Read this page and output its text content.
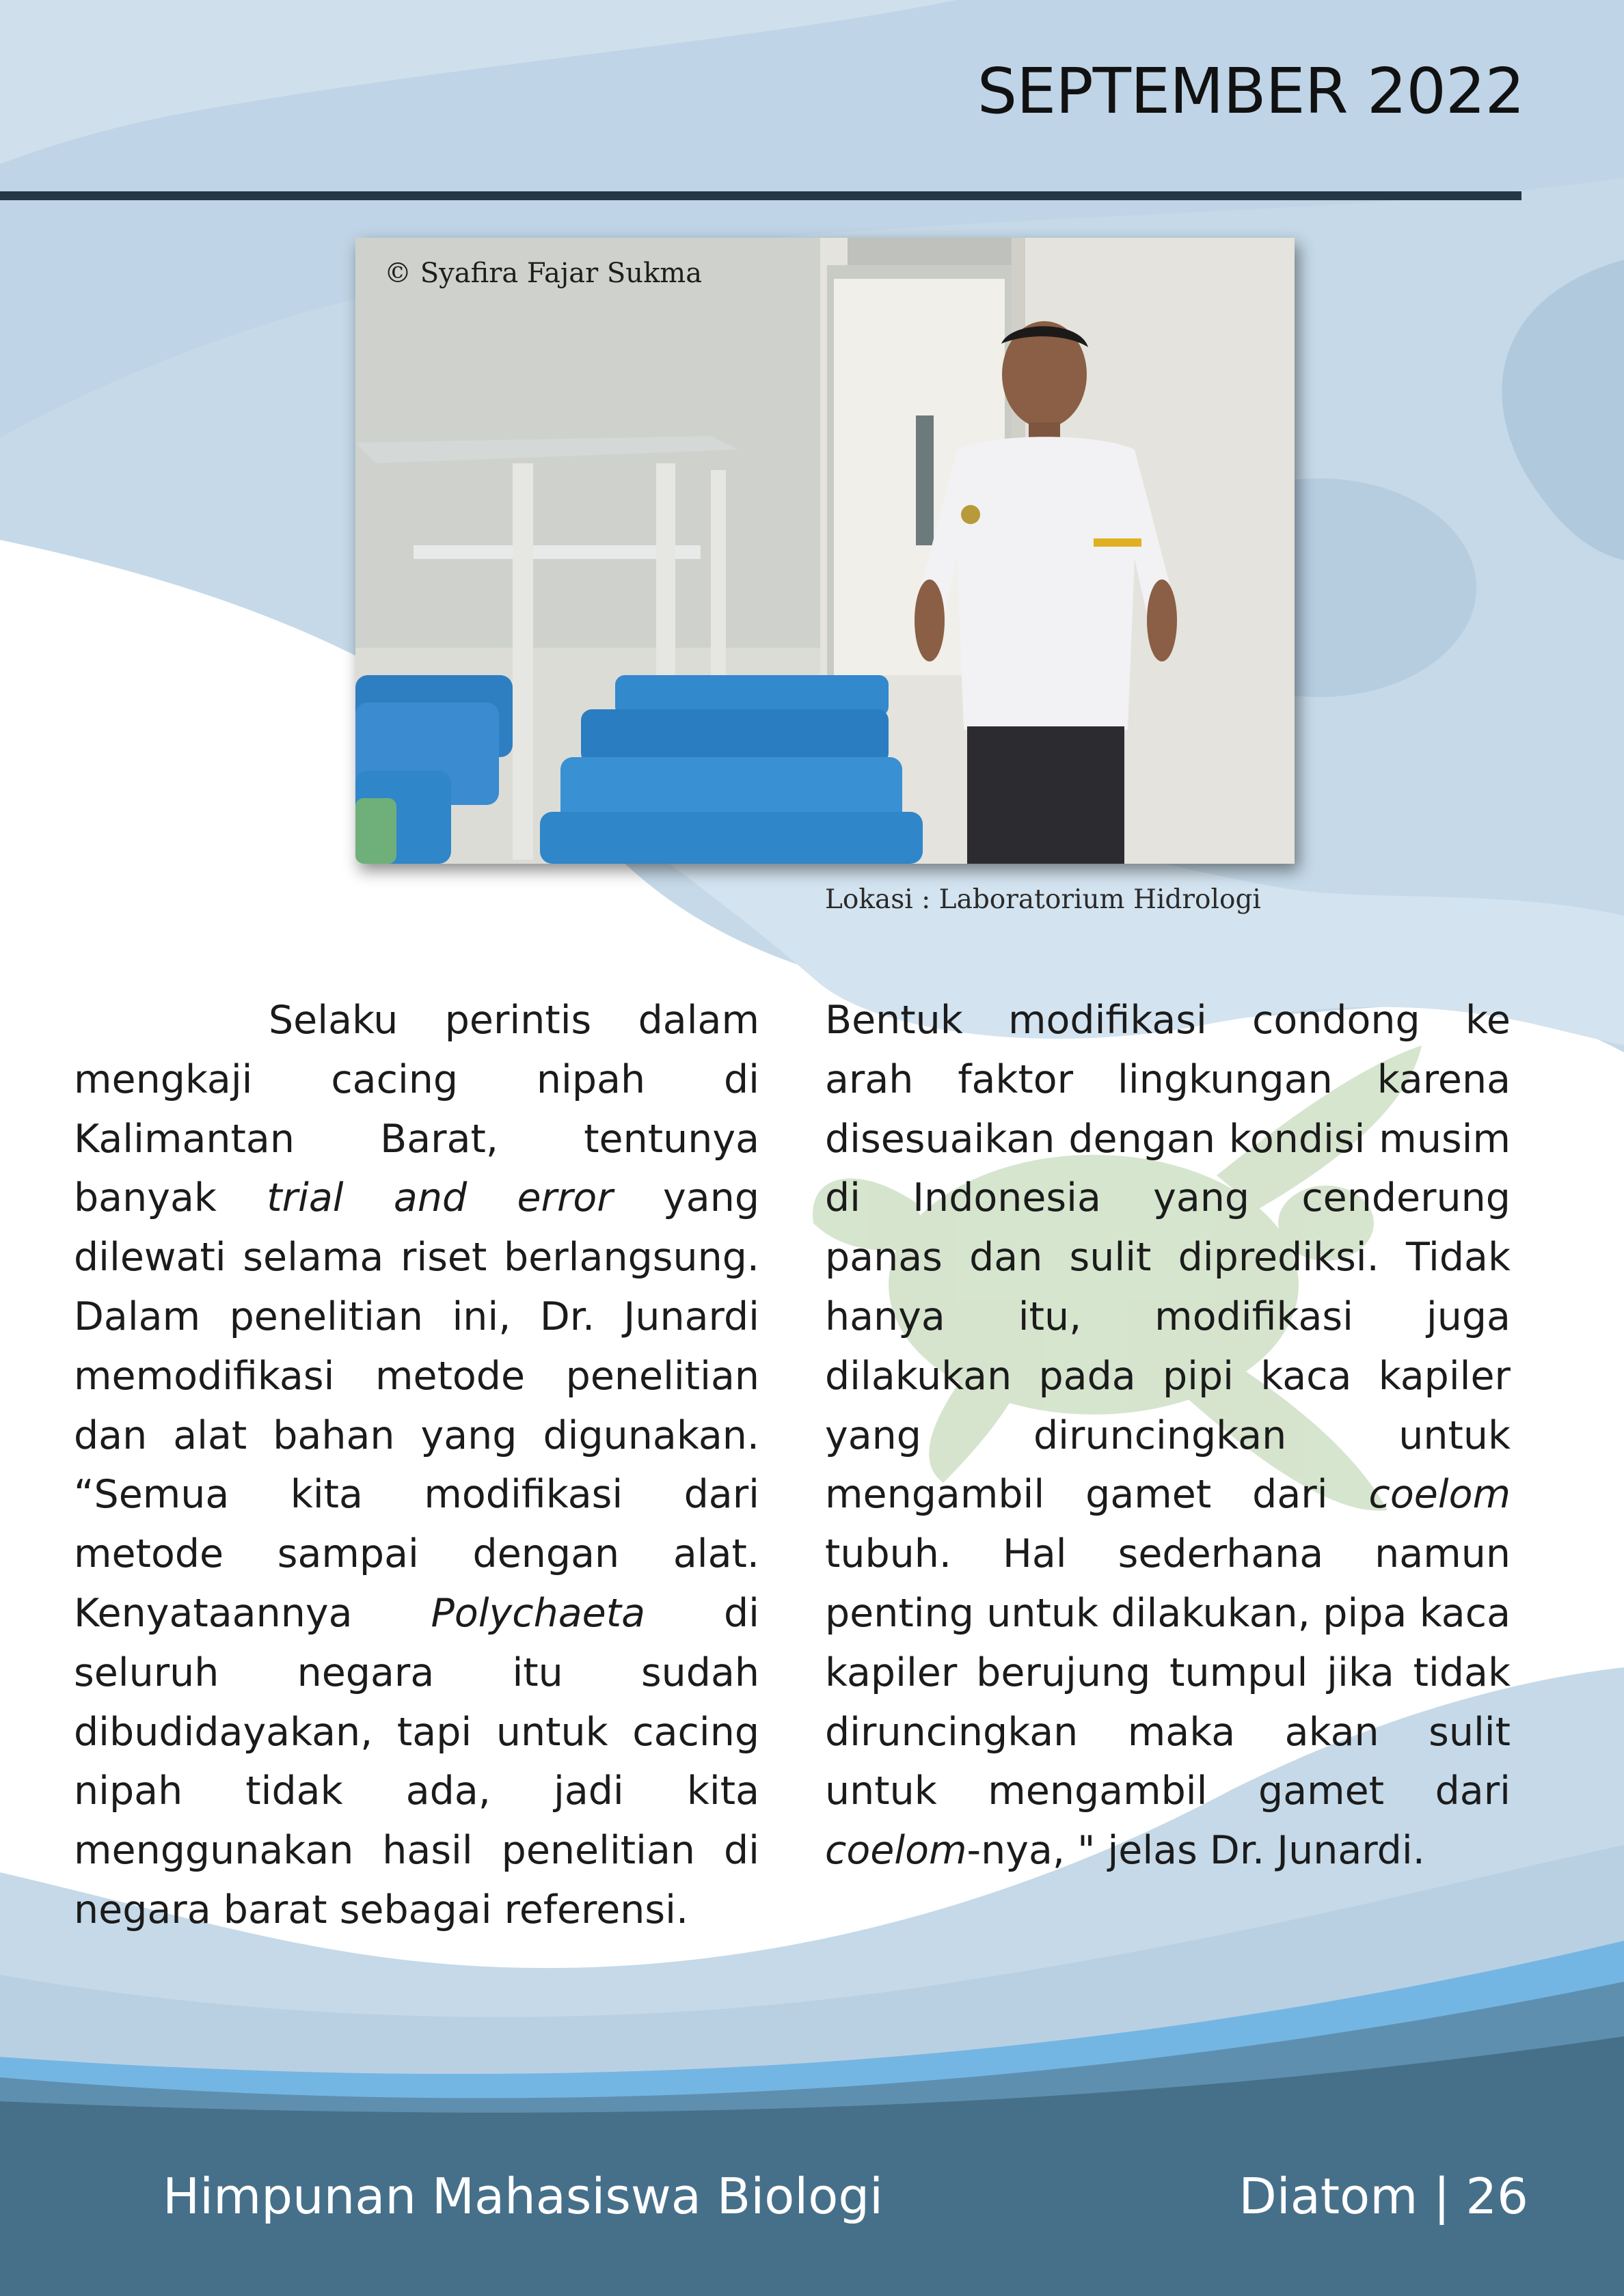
SEPTEMBER 2022

© Syafira Fajar Sukma

Lokasi : Laboratorium Hidrologi

Selaku perintis dalam mengkaji cacing nipah di Kalimantan Barat, tentunya banyak trial and error yang dilewati selama riset berlangsung. Dalam penelitian ini, Dr. Junardi memodifikasi metode penelitian dan alat bahan yang digunakan. “Semua kita modifikasi dari metode sampai dengan alat. Kenyataannya Polychaeta di seluruh negara itu sudah dibudidayakan, tapi untuk cacing nipah tidak ada, jadi kita menggunakan hasil penelitian di negara barat sebagai referensi.

Bentuk modifikasi condong ke arah faktor lingkungan karena disesuaikan dengan kondisi musim di Indonesia yang cenderung panas dan sulit diprediksi. Tidak hanya itu, modifikasi juga dilakukan pada pipi kaca kapiler yang diruncingkan untuk mengambil gamet dari coelom tubuh. Hal sederhana namun penting untuk dilakukan, pipa kaca kapiler berujung tumpul jika tidak diruncingkan maka akan sulit untuk mengambil gamet dari coelom-nya, " jelas Dr. Junardi.

Himpunan Mahasiswa Biologi	Diatom | 26
